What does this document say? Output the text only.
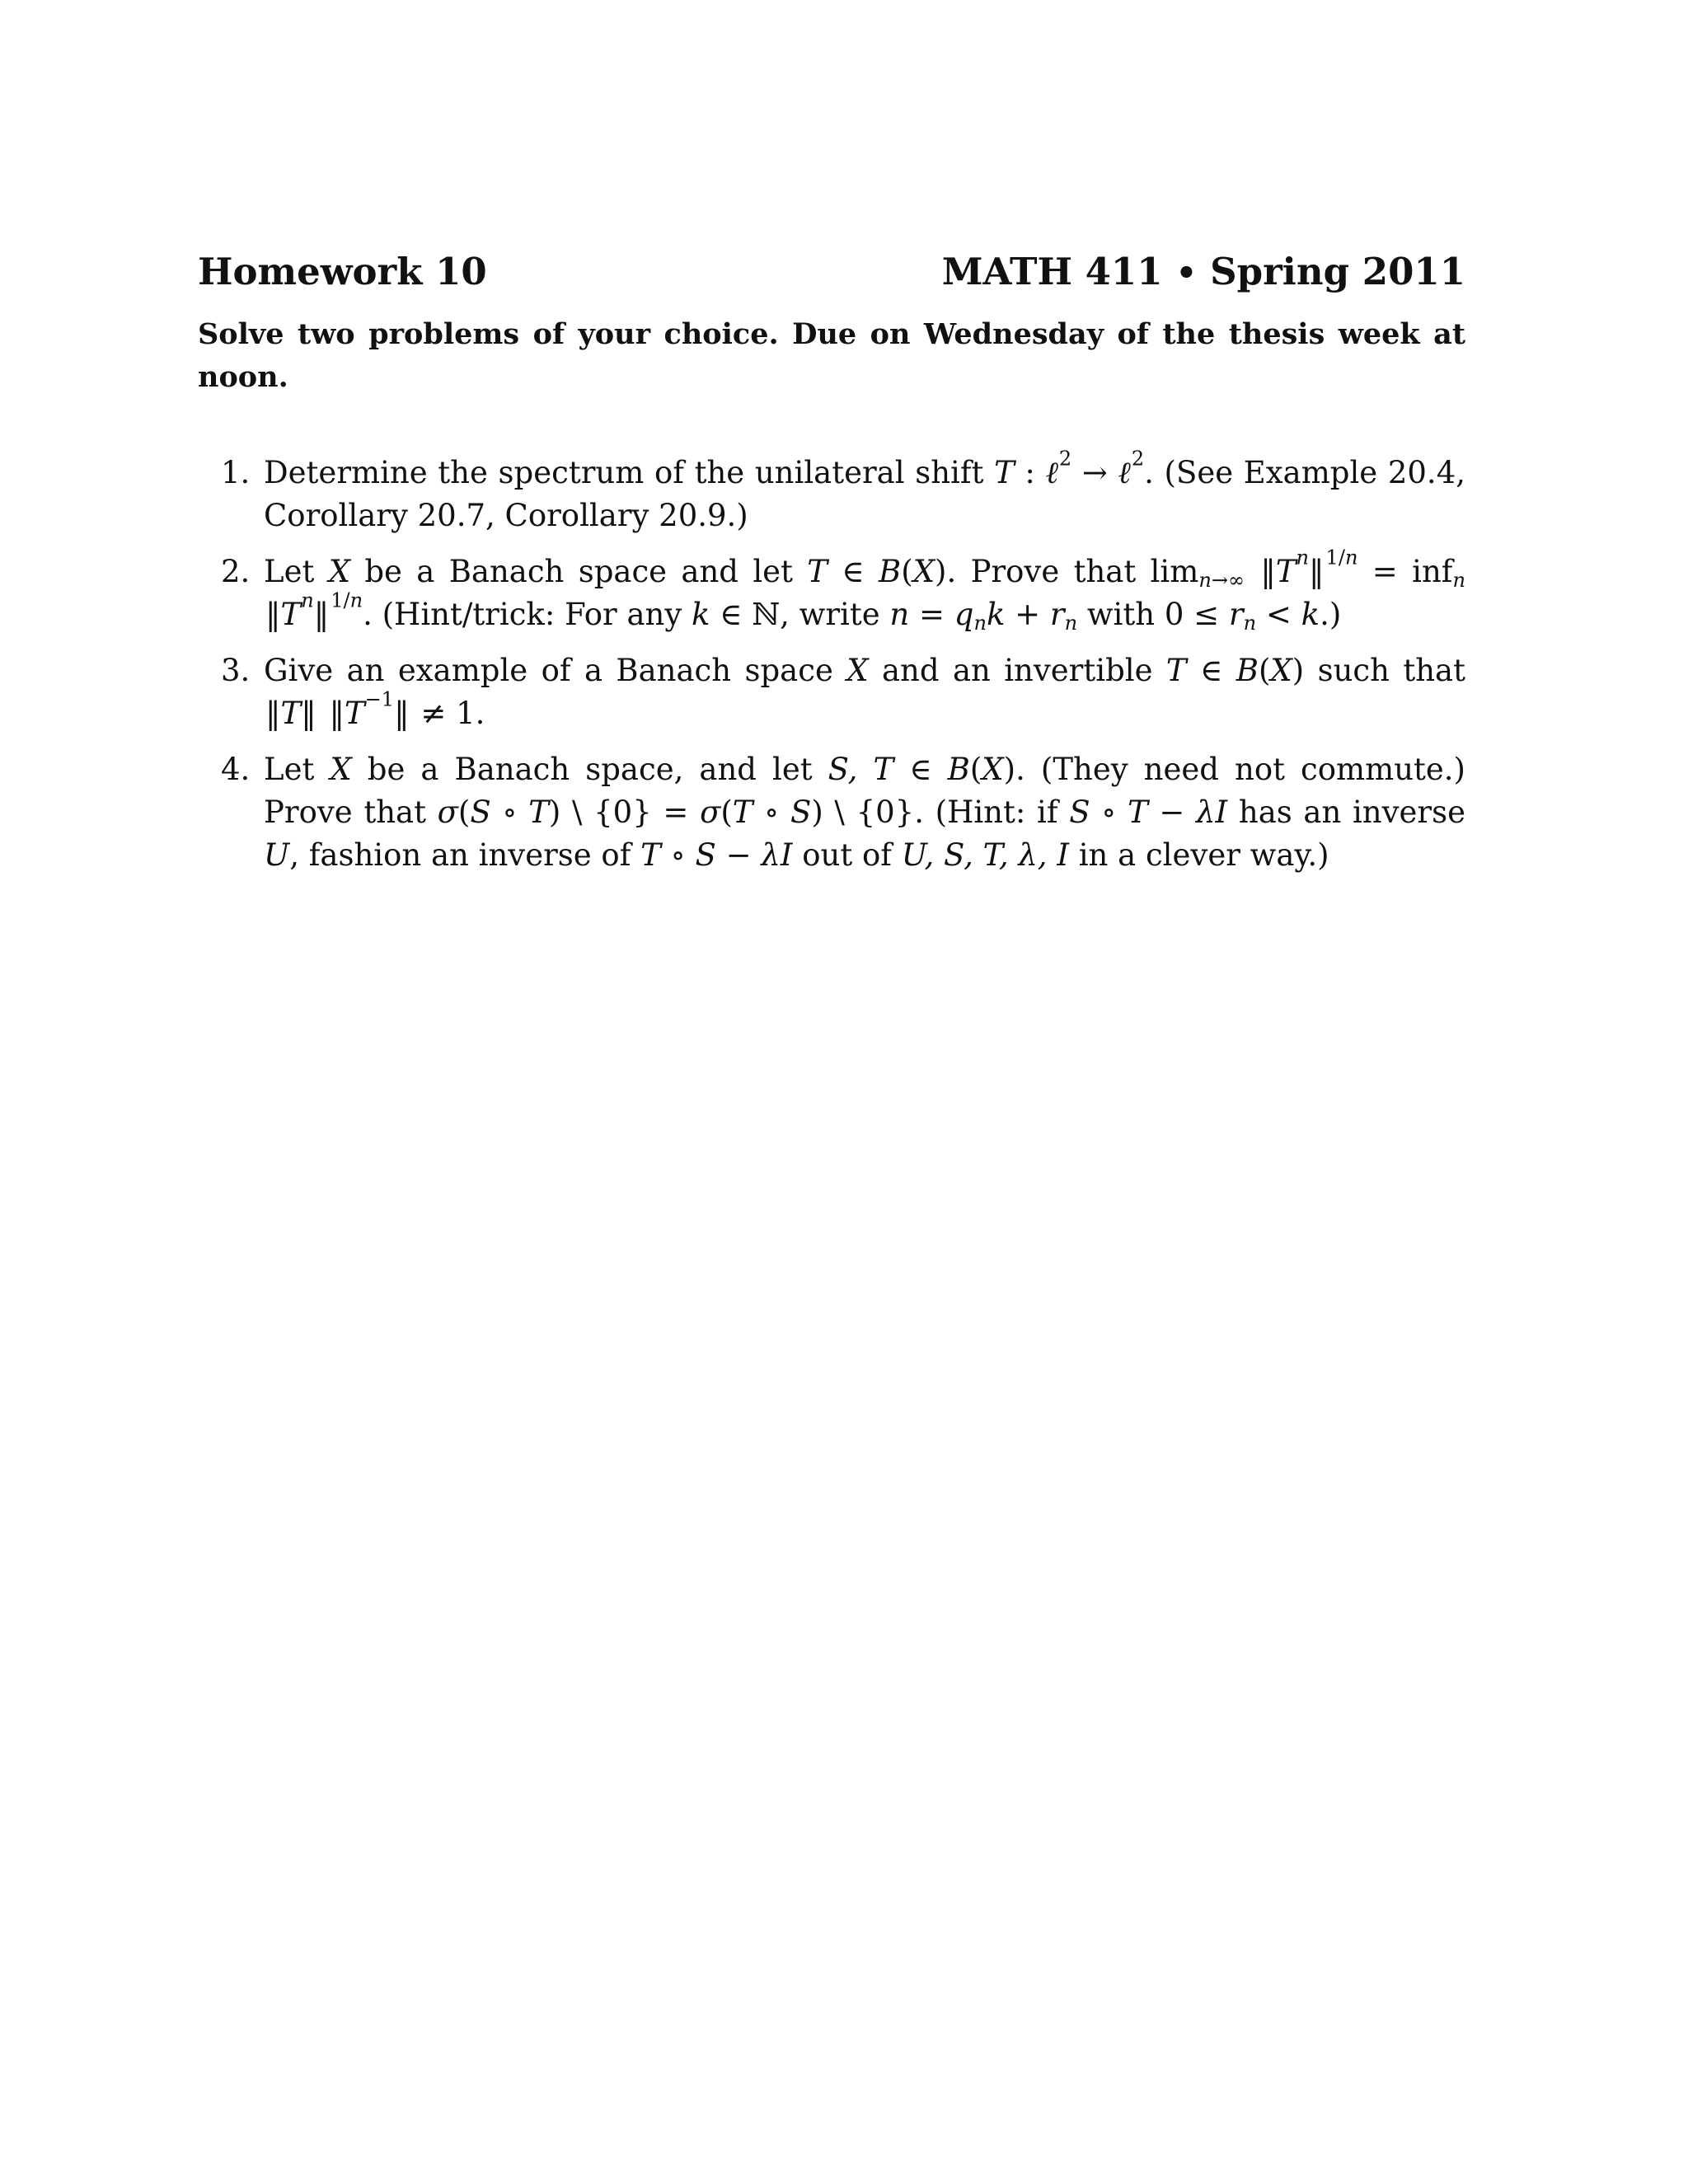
Homework 10	MATH 411 • Spring 2011
Solve two problems of your choice. Due on Wednesday of the thesis week at noon.
1. Determine the spectrum of the unilateral shift T : ℓ$^2$ → ℓ$^2$. (See Example 20.4, Corollary 20.7, Corollary 20.9.)
2. Let X be a Banach space and let T ∈ B(X). Prove that $\lim_{n\to\infty}$ $‖T^n‖^{1/n} = inf_n$ $‖T^n‖^{1/n}$. (Hint/trick: For any k ∈ ℕ, write $n = q_nk + r_n$ with $0 \le r_n < k$.)
3. Give an example of a Banach space X and an invertible T ∈ B(X) such that ‖T‖ $‖T^{-1}‖ \ne 1$.
4. Let X be a Banach space, and let S, T ∈ B(X). (They need not commute.) Prove that σ(S ∘ T) \ {0} = σ(T ∘ S) \ {0}. (Hint: if S ∘ T − λI has an inverse U, fashion an inverse of T ∘ S − λI out of U, S, T, λ, I in a clever way.)
